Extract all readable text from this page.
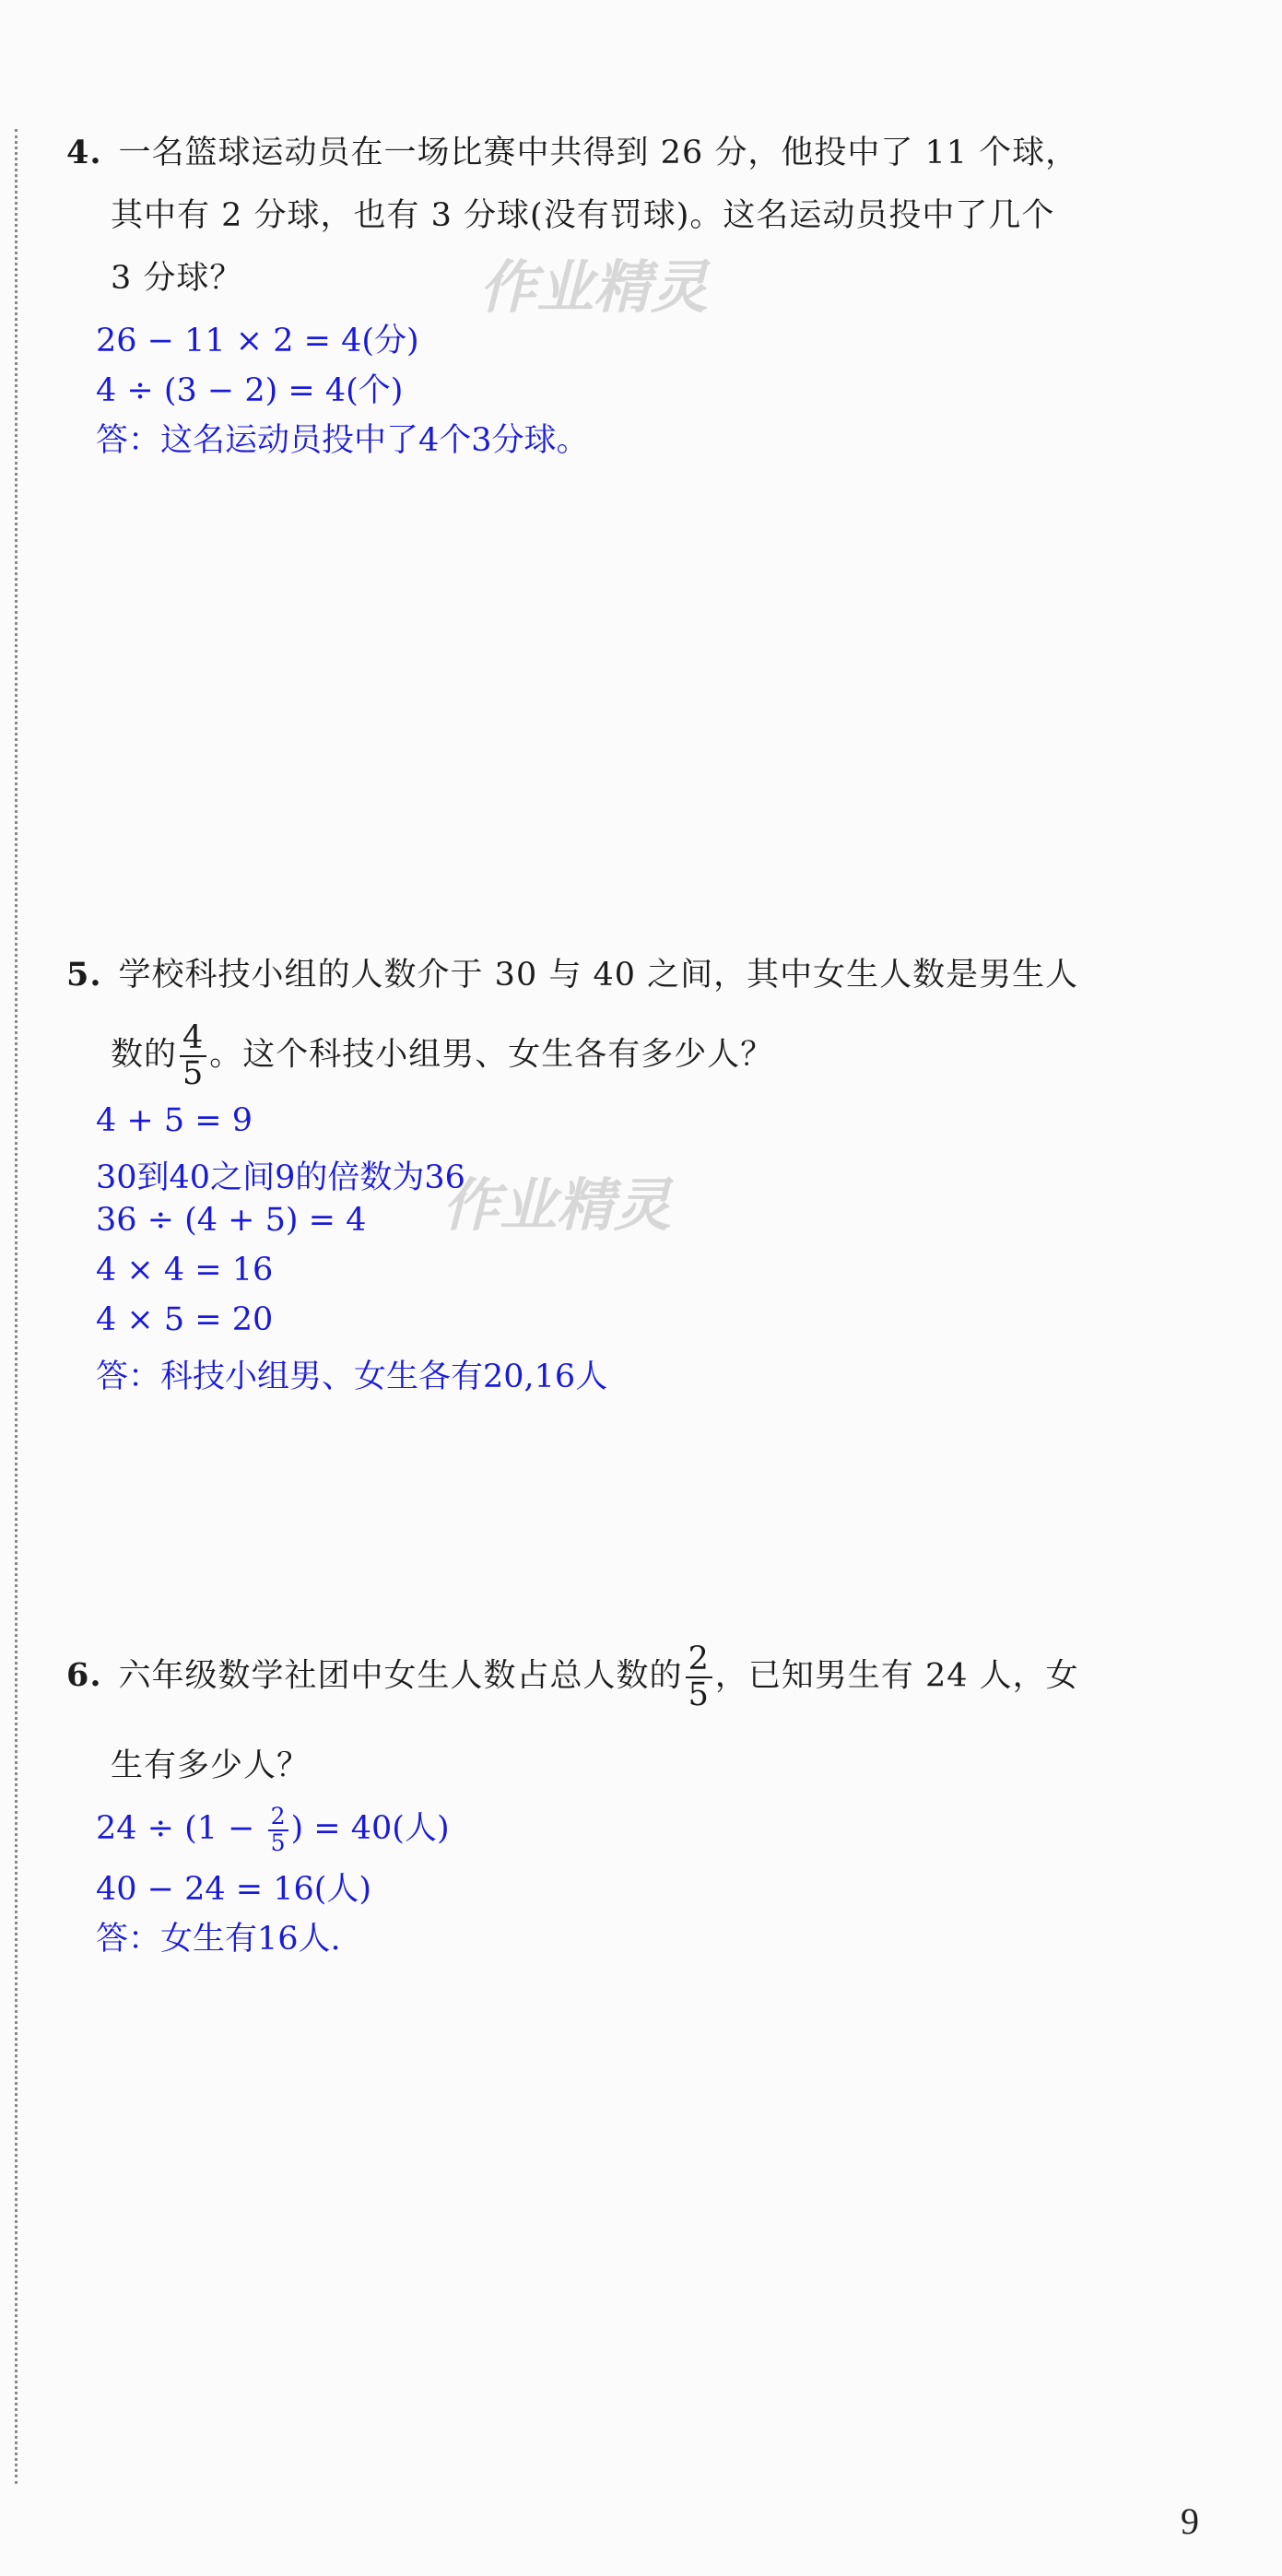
4. 一名篮球运动员在一场比赛中共得到 26 分，他投中了 11 个球，
其中有 2 分球，也有 3 分球(没有罚球)。这名运动员投中了几个
3 分球？	作业精灵
26 − 11 × 2 = 4(分)
4 ÷ (3 − 2) = 4(个)
答：这名运动员投中了4个3分球。
5. 学校科技小组的人数介于 30 与 40 之间，其中女生人数是男生人
数的 $\frac{4}{5}$ 。这个科技小组男、女生各有多少人？
作业精灵
4 + 5 = 9
30到40之间9的倍数为36
36 ÷ (4 + 5) = 4
4 × 4 = 16
4 × 5 = 20
答：科技小组男、女生各有20,16人
6. 六年级数学社团中女生人数占总人数的 $\frac{2}{5}$ ，已知男生有 24 人，女
生有多少人？
$24 \div (1 - \frac{2}{5}$ ) = 40(人)
40 − 24 = 16(人)
答：女生有16人.
9
